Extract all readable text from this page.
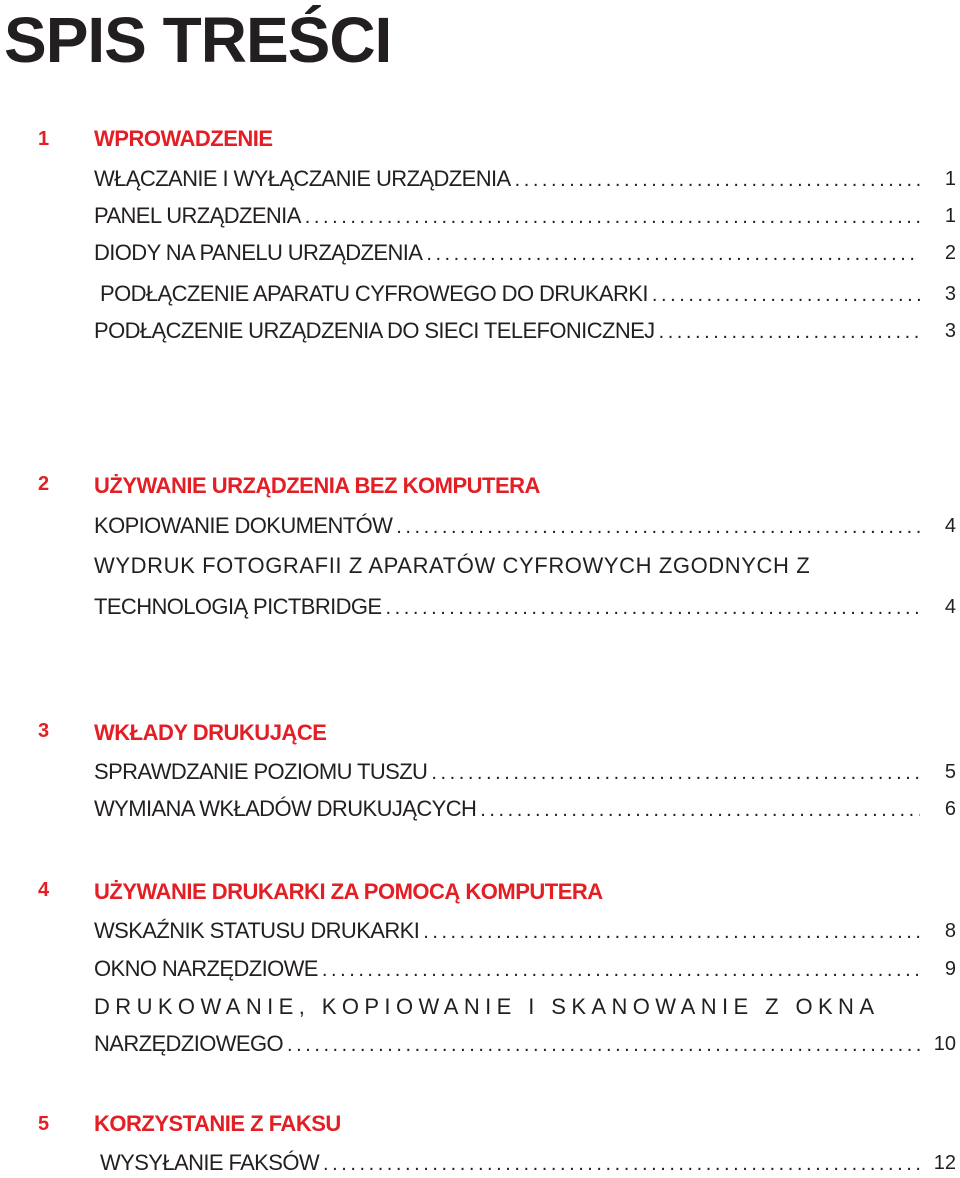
SPIS TREŚCI
1	WPROWADZENIE
WŁĄCZANIE I WYŁĄCZANIE URZĄDZENIA . . .	1
PANEL URZĄDZENIA . . .	1
DIODY NA PANELU URZĄDZENIA . . .	2
PODŁĄCZENIE APARATU CYFROWEGO DO DRUKARKI . . .	3
PODŁĄCZENIE URZĄDZENIA DO SIECI TELEFONICZNEJ . . .	3
2	UŻYWANIE URZĄDZENIA BEZ KOMPUTERA
KOPIOWANIE DOKUMENTÓW . . .	4
WYDRUK FOTOGRAFII Z APARATÓW CYFROWYCH ZGODNYCH Z
TECHNOLOGIĄ PICTBRIDGE . . .	4
3	WKŁADY DRUKUJĄCE
SPRAWDZANIE POZIOMU TUSZU . . .	5
WYMIANA WKŁADÓW DRUKUJĄCYCH . . .	6
4	UŻYWANIE DRUKARKI ZA POMOCĄ KOMPUTERA
WSKAŹNIK STATUSU DRUKARKI . . .	8
OKNO NARZĘDZIOWE . . .	9
DRUKOWANIE, KOPIOWANIE I SKANOWANIE Z OKNA
NARZĘDZIOWEGO . . .	10
5	KORZYSTANIE Z FAKSU
WYSYŁANIE FAKSÓW . . .	12
